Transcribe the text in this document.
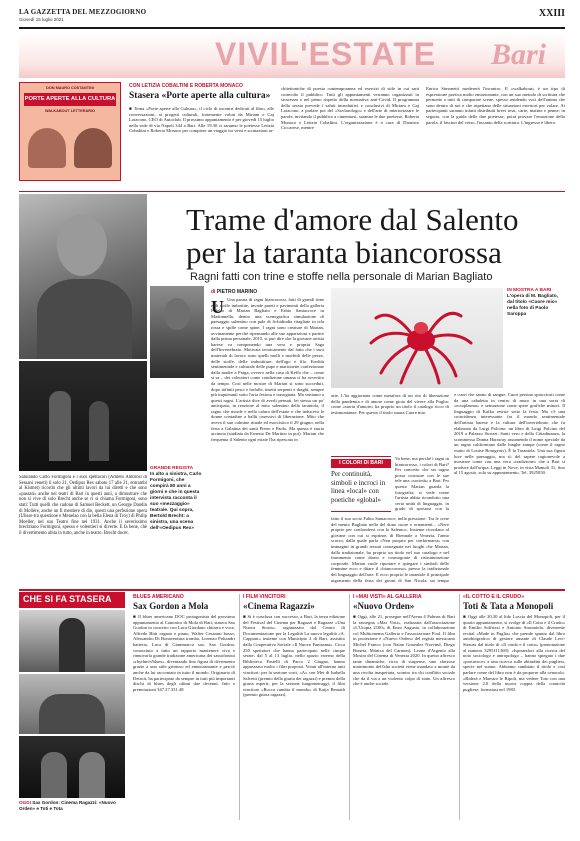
LA GAZZETTA DEL MEZZOGIORNO
Giovedì 15 luglio 2021
XXIII
VIVIL'ESTATE Bari
DON MAURO COSTANTINI
PORTE APERTE ALLA CULTURA
WALKABOUT LETTERARIO
CON LETIZIA COBALTINI E ROBERTA MONACO
Stasera «Porte aperte alla cultura»
■ Torna «Porte aperte alla Cultura», il ciclo di incontri dedicati al libro, alle conversazioni, ai progetti culturali, fortemente voluti da Miriam e Gaj Loiacono, CEO di Autoclub. Il prossimo appuntamento è per giovedì 15 luglio nella sede di via Napoli 344 a Bari. Alle 19.30 ci saranno le poetesse Letizia Cobaltini e Roberta Monaco per compiere un viaggio tra versi e scrutazioni ar-
chitettoniche di poesia contemporanea ed esercizi di stile in cui sarà coinvolto il pubblico. Tutti gli appuntamenti verranno organizzati in sicurezza e nel pieno rispetto della normativa anti-Covid. Il programma della serata prevede i saluti introduttivi e conclusivi di Miriam e Gaj Loiacono; a parlare poi del «Sovlarologo» e dell'arte di interiorizzare le parole, invitando il pubblico a cimentarsi, saranno le due poetesse, Roberta Monaco e Letizia Cobaltini. L'organizzazione è a cura di Dionisio Ciccarese, mentre
Enrica Simonetti modererà l'incontro. Il «walkabout» è un tipo di espressione poetica molto emozionante, con un suo metodo di scrittura che permette a tutti di comparare scene, spesso rendendo voci dell'anima che sono dentro di noi e che aspettano delle situazioni esteriori per volare. Ai partecipanti saranno infatti distribuiti brevi testi, carte, mattite e penne; in seguito, con la guida delle due poetesse, potrà provare l'emozione della parola, il fascino del verso, l'incanto della scrittura. L'ingresso è libero.
Trame d'amore dal Salento
per la taranta biancorossa
Ragni fatti con trine e stoffe nella personale di Marian Bagliato
Salutando Carlo Formigoni e i suoi spettacoli (Amleto Ambrosi di Sessani veneti) il solo 21, Oedipus Rex sabato 17 alle 21, entrambi al Kismet) ricordo che gli ultimi lavori da lui diretti e che sono «passati» anche nei teatri di Bari in questi anni, a dimostrare che non si vive di solo Brecht anche se ci si chiama Formigoni, sono stati: Tutti quelli che cadono di Samuel Beckett, un George Dandin di Molière, anche un Il mestiere di dio, questi una perfezione opera (Ulisse-tra questione e Menelao con la bella Elena di Troy) di Philip Moeller, nel suo Teatro fine nel 1931. Anche il severissimo brechtiano Formigoni, spesso e volentieri si diverte. E fa bene, chè il divertimento abita in tutto, anche in teatro. Brecht docet.
GRANDE REGISTA
In alto a sinistra, Carlo Formigoni, che compirà 80 anni a giorni e che in questa intervista racconta il suo «mezzaggio» teatrale. Qui sopra, Bertold Brecht: a sinistra, una scena dell'«Oedipus Rex»
di PIETRO MARINO
U Una parata di ragni biancorossi, fatti di grandi trine e di stoffe imbottite, invade pareti e pavimenti della galleria Fidelio di Marian Bagliato e Fabio Santacroce in Madonnella, dentro una scenografica simulazione di paesaggio salentino con pale di fichidindia ritagliate in tela rossa e spille come spine. I ragni sono creature di Marian, avvinamente perché ripensando alle sue apparizioni e partire dalla prima personale, 2015, si può dire che la giovane artista barese va componendo una vera e propria Saga dell'Invertebrato. Motivata tecnicamente dal fatto che i suoi materiali di lavoro sono quelli molli e morbidi delle pezze, delle stoffe, delle imbottiture, dell'ago e filo. Eredità sentimentale e culturale delle pupe e marionette confezionate dalla madre a Praga, ovvero nella casa di Keffa che – come si sa – dei coleotteri come condizione umana ci ha avvertito da tempo. Così nelle mostre di Marian si sono succeduti, dopo infiniti pesci e farfalle, insetti serpenti e draghi, sempre più inquietanti sotto l'aria festosa e trasognata. Ma veniamo a questi ragni. L'artista dice di averli pensati, lei stessa un po' anticipato, in reazione al mito salentino della tarantola, il ragno che morde e nella calura dell'estate e che induceva le donne contadine a ballii ossessivi di liberazione. Mito che aveva il suo culmine rituale ed esorcistico il 29 giugno, nella festa a Galatina dei santi Pietro e Paolo. Ma questa è storia arcinota (studiata da Ernesto De Martino in poi). Marian che frequenta il Salento ogni estate l'ha ripescata in
arte. L'ha aggiornata come metafora di un rito di liberazione della pandemia e di amore come gioia del vivere alla Puglia: come «storia d'amore» ha proprio un titolo il catalogo ricco di testimonianze. Per questo il titolo suona Cuore mio.
I COLORI DI BARI
Per continuità, simboli e incroci in linea «local» con poetiche «global»
Va bene, ma perché i ragni in biancorosso, i colori di Bari? Per concetto che un ragno possa costruire con le sue tele una «società» a Bari. Per questo Marian guarda la fotografia; si vede come l'artista abbia ricondotto una certa unità di linguaggio, in grado di sposarsi con la
fatto il suo socio Fabio Santacroce, nella pressione. Tra le crete del mento Bagliato nella del dono cuore e ornamenti... «Nere proprie per confondersi con la Salento». Insieme ricordano al giovane con cui si esprime, di Biennale a Venezia, l'anno scorso, dalla quale parla «Non proprio per conformarsi» con immagini in grandi tessuti consegnate nei luoghi che Marian, dalla tradizionale, ha proprio un titolo nel suo catalogo e nel frammento come diario e cosmogonie di ristrutturazione corporale. Marian vuole riportare e spiegare i simboli delle femmine ecco e ditare il «biancorosso» presso la tradizionale del linguaggio dell'arte. E ecco proprio le tarantole il principale argomento della festa dei giorni di San Nicola, un tempo
e cuori che sanno di sangue. Cuori persino spiaccicati come da una cabaletta in centro di muro in una sorta di «ectoplasma» e sensazione come spere grafiche minori. Il linguaggio di Kafka resiste sotto la festa. Ma c'è una coincidenza interessante fra il mondo sentimentale dell'artista barese e la cultura dell'invertebrato che fu elaborata da Luigi Polcino: un libro di Luigi Polcino del 2019 a Palazzo Strozzi. Santi vero e della Cittadinanza, la scommessa Donna Haraway assumendo il nome speciale da un ragno californiano dalle lunghe zampe (come il ragno esatto di Louise Bourgeois). È la Tarantola. Una sua figura luce nelle paesaggio, ma sì: del sapere ragionevole a mostrare come con una vera «tradizione» che a Bari si produce dall'acqua. Leggi in Nove, in vista Mamoli 31, fino al 15 agosto, solo su appuntamento, Tel. 3925050.
IN MOSTRA A BARI
L'opera di M. Bagliato, dal titolo «Cuore mio» nella foto di Paolo Saroppa
CHE SI FA STASERA
OGGI Sax Gordon: Cinema Ragazzi: «Nuovo Orden» e Toti e Tota
BLUES AMERICANO
Sax Gordon a Mola
■ Il blues americano DOC protagonista del prossimo appuntamento al Canonico di Mola di Bari; stasera Sax Gordon in concerto con Luca Giordano chitarra e voce, Alfredo Bitti organo e piano, Walter Cesarani basso, Alessandro Di Bonaventura tromba, Lorenzo Poliandri batteria, Luca di Giammarco sax. Sax Gordon, conosciuto a tutto un rapporto mantenere viva e rinnovarla grande tradizione americana dei sassofonisti «rhythm'n'blues», diventando fino figura di riferimento grazie a uno stile grintoso ed entusiasmante e perciò anche da lui raccontato in tutto il mondo. Originario di Detroit, ha partecipato da sempre in tutti più importanti dischi di blues degli ultimi due decenni. Info e prenotazioni 347.27.331.48
I FILM VINCITORI
«Cinema Ragazzi»
■ Si è conclusa con successo, a Bari, la terza edizione del Festival del Cinema per Ragazzi e Ragazze «Una Nuova Storia», organizzato dal Centro di Documentazione per la Legalità La nuova legalità «A. Capponi» insieme con Municipio 2 di Bari, assistito dalla Cooperativa Sociale «Il Nuovo Fantasma». Circa 250 spettatori che hanno partecipato nelle cinque serate, dal 5 al 13 luglio, nello spazio esterno della Biblioteca Pastelli di Parco 2 Giugno, hanno apprezzato molto i film proposti. Votati all'interno tutti vincitori: per la sezione corti, «A» con Mei di Isabella Salvetti (premio della giuria dei ragazzi) e premio della giuria esperti; per la sezione lungometraggi, il film vincitore «Rocca cambia il mondo» di Katja Benrath (premio giuria ragazzi).
I «MAI VISTI» AL GALLERIA
«Nuovo Orden»
■ Oggi, alle 21, prosegue nell'Arena 4 Palmas di Bari la rassegna «Mai Visti», realizzata dall'associazione «L'Utopia 2100» di Enzo Augusto, in collaborazione col Multicinema Galleria e l'associazione Pool. Il film in proiezione è «Nuevo Orden» del regista messicano Michel Franco (con Naian González Norvind, Diego Boneta, Mónica del Carmen), Leone d'Argento alla Mostra del Cinema di Venezia 2020. In questo affresco tante dinamiche, ricco di suspense, uno sfarzoso matrimonio dell'alta società viene mandato a monte da una rivolta inaspettata, scontro tra chi conflitto sociale che da il via a un violento colpo di stato. Un affresco che è anche sociale.
«IL COTTO E IL CRUDO»
Toti & Tata a Monopoli
■ Oggi alle 20,30 al lido Loscia del Monopoli, per il quarto appuntamento, si svolge di «Il Cotto e il Crudo» di Emilio Solfrizzi e Antonio Stornaiolo, divertente recital «Made in Puglia» che prende spunto dal libro autobiografico di gestore amante di Claude Levi-Strauss dal titolo di «Il crudo e il cotto» (prenotazione al numero 3295111369). «Ispirandoci alla ricerca del noto sociologo e antropologo – hanno spiegato i due «portavoce» a una ricerca sulle abitudini dei pugliesi, specie nel sonno. Abbiamo cambiato il titolo e così parlare come del libro non è da proporre alla cenacolo. «Riderà e Maestro le Ripoli, ma vedere Toto con una versione 2.0 della nuova coppia della comicità pugliese, formatasi nel 1983.
